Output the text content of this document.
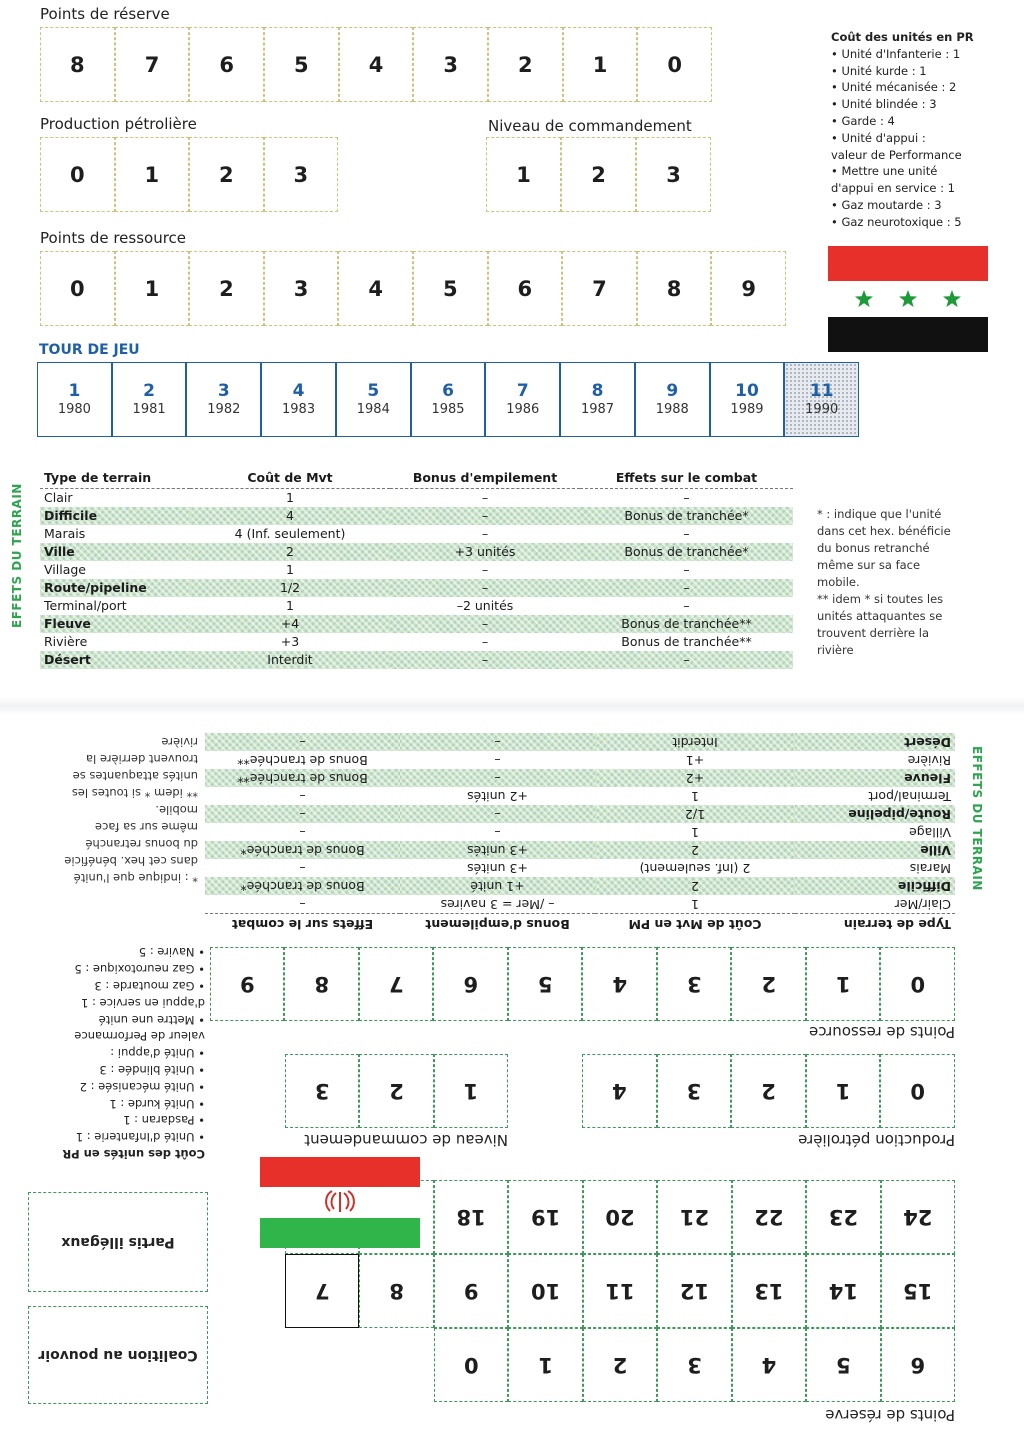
Points de réserve
8	7	6	5	4	3	2	1	0
Production pétrolière
0	1	2	3
Niveau de commandement
1	2	3
Points de ressource
0	1	2	3	4	5	6	7	8	9
TOUR DE JEU
1
1980
2
1981
3
1982
4
1983
5
1984
6
1985
7
1986
8
1987
9
1988
10
1989
11
1990
Coût des unités en PR
• Unité d'Infanterie : 1
• Unité kurde : 1
• Unité mécanisée : 2
• Unité blindée : 3
• Garde : 4
• Unité d'appui :
valeur de Performance
• Mettre une unité
d'appui en service : 1
• Gaz moutarde : 3
• Gaz neurotoxique : 5
EFFETS DU TERRAIN
Type de terrain	Coût de Mvt	Bonus d'empilement	Effets sur le combat
Clair	1	–	–
Difficile	4	–	Bonus de tranchée*
Marais	4 (Inf. seulement)	–	–
Ville	2	+3 unités	Bonus de tranchée*
Village	1	–	–
Route/pipeline	1/2	–	–
Terminal/port	1	–2 unités	–
Fleuve	+4	–	Bonus de tranchée**
Rivière	+3	–	Bonus de tranchée**
Désert	Interdit	–	–
* : indique que l'unité
dans cet hex. bénéficie
du bonus retranché
même sur sa face
mobile.
** idem * si toutes les
unités attaquantes se
trouvent derrière la
rivière
Points de réserve
6
5
4
3
2
1
0
15
14
13
12
11
10
9
8
7
24
23
22
21
20
19
18
Coalition au pouvoir
Partis illégaux
Production pétrolière
0
1
2
3
4
Niveau de commandement
1
2
3
Points de ressource
0
1
2
3
4
5
6
7
8
9
Coût des unités en PR
• Unité d'Infanterie : 1
• Pasdaran : 1
• Unité kurde : 1
• Unité mécanisée : 2
• Unité blindée : 3
• Unité d'appui :
valeur de Performance
• Mettre une unité
d'appui en service : 1
• Gaz moutarde : 3
• Gaz neurotoxique : 5
• Navire : 5
EFFETS DU TERRAIN
Type de terrain	Coût de Mvt en PM	Bonus d'empilement	Effets sur le combat
Clair/Mer	1	– /Mer = 3 navires	–
Difficile	2	+1 unité	Bonus de tranchée*
Marais	2 (Inf. seulement)	+3 unités	–
Ville	2	+3 unités	Bonus de tranchée*
Village	1	–	–
Route/pipeline	1/2	–	–
Terminal/port	1	+2 unités	–
Fleuve	+2	–	Bonus de tranchée**
Rivière	+1	–	Bonus de tranchée**
Désert	Interdit	–	–
* : indique que l'unité
dans cet hex. bénéficie
du bonus retranché
même sur sa face
mobile.
** idem * si toutes les
unités attaquantes se
trouvent derrière la
rivière
